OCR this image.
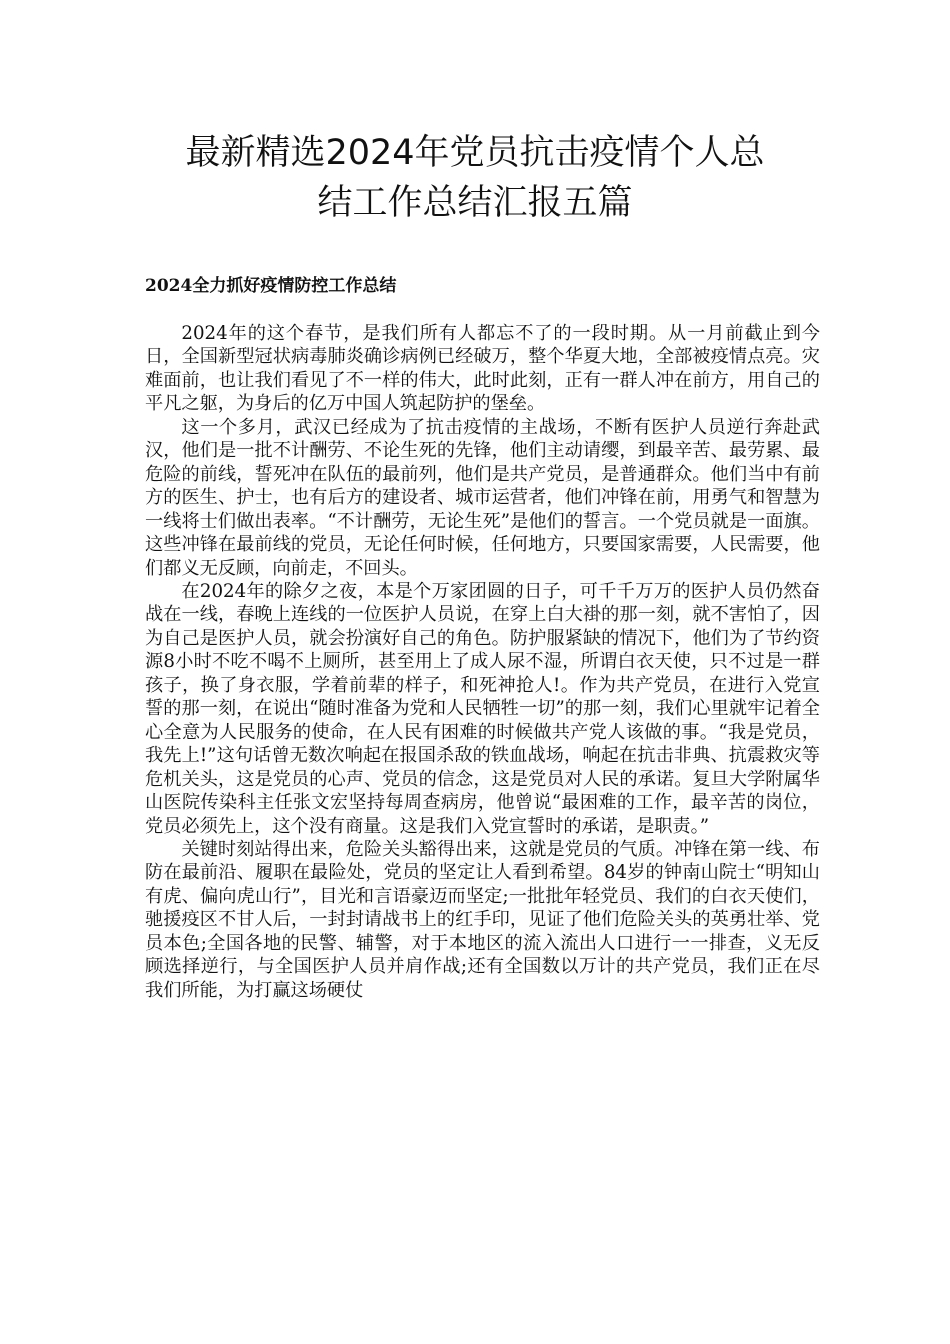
最新精选2024年党员抗击疫情个人总
结工作总结汇报五篇
2024全力抓好疫情防控工作总结

2024年的这个春节，是我们所有人都忘不了的一段时期。从一月前截止到今日，全国新型冠状病毒肺炎确诊病例已经破万，整个华夏大地，全部被疫情点亮。灾难面前，也让我们看见了不一样的伟大，此时此刻，正有一群人冲在前方，用自己的平凡之躯，为身后的亿万中国人筑起防护的堡垒。

这一个多月，武汉已经成为了抗击疫情的主战场，不断有医护人员逆行奔赴武汉，他们是一批不计酬劳、不论生死的先锋，他们主动请缨，到最辛苦、最劳累、最危险的前线，誓死冲在队伍的最前列，他们是共产党员，是普通群众。他们当中有前方的医生、护士，也有后方的建设者、城市运营者，他们冲锋在前，用勇气和智慧为一线将士们做出表率。“不计酬劳，无论生死”是他们的誓言。一个党员就是一面旗。这些冲锋在最前线的党员，无论任何时候，任何地方，只要国家需要，人民需要，他们都义无反顾，向前走，不回头。

在2024年的除夕之夜，本是个万家团圆的日子，可千千万万的医护人员仍然奋战在一线，春晚上连线的一位医护人员说，在穿上白大褂的那一刻，就不害怕了，因为自己是医护人员，就会扮演好自己的角色。防护服紧缺的情况下，他们为了节约资源8小时不吃不喝不上厕所，甚至用上了成人尿不湿，所谓白衣天使，只不过是一群孩子，换了身衣服，学着前辈的样子，和死神抢人!。作为共产党员，在进行入党宣誓的那一刻，在说出“随时准备为党和人民牺牲一切”的那一刻，我们心里就牢记着全心全意为人民服务的使命，在人民有困难的时候做共产党人该做的事。“我是党员，我先上!”这句话曾无数次响起在报国杀敌的铁血战场，响起在抗击非典、抗震救灾等危机关头，这是党员的心声、党员的信念，这是党员对人民的承诺。复旦大学附属华山医院传染科主任张文宏坚持每周查病房，他曾说“最困难的工作，最辛苦的岗位，党员必须先上，这个没有商量。这是我们入党宣誓时的承诺，是职责。”

关键时刻站得出来，危险关头豁得出来，这就是党员的气质。冲锋在第一线、布防在最前沿、履职在最险处，党员的坚定让人看到希望。84岁的钟南山院士“明知山有虎、偏向虎山行”，目光和言语豪迈而坚定;一批批年轻党员、我们的白衣天使们，驰援疫区不甘人后，一封封请战书上的红手印，见证了他们危险关头的英勇壮举、党员本色;全国各地的民警、辅警，对于本地区的流入流出人口进行一一排查，义无反顾选择逆行，与全国医护人员并肩作战;还有全国数以万计的共产党员，我们正在尽我们所能，为打赢这场硬仗
